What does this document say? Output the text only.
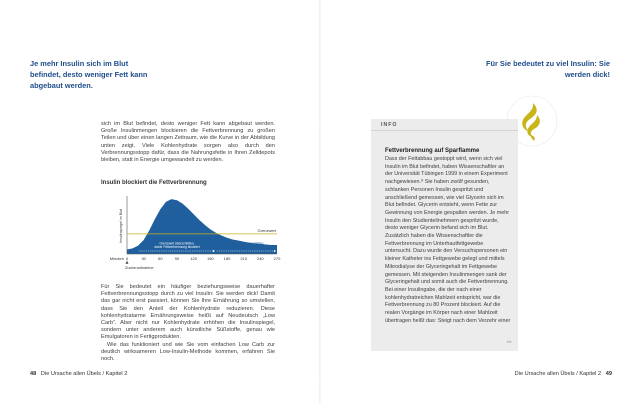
Je mehr Insulin sich im Blut befindet, desto weniger Fett kann abgebaut werden.

sich im Blut befindet, desto weniger Fett kann abgebaut werden. Große Insulinmengen blockieren die Fettverbrennung zu großen Teilen und über einen langen Zeitraum, wie die Kurve in der Abbildung unten zeigt. Viele Kohlenhydrate sorgen also durch den Verbrennungsstopp dafür, dass die Nahrungsfette in Ihren Zelldepots bleiben, statt in Energie umgewandelt zu werden.

Insulin blockiert die Fettverbrennung
Grenzwert
Grenzwert überschritten,
daher Fettverbrennung blockiert
Grenzwert unterschritten,
Fettverbrennung möglich
Minuten 0	30	60	90	120 150 180 210 240 270
Insulinspiegel im Blut
Zuckeraufnahme

Für Sie bedeutet ein häufiger beziehungsweise dauerhafter Fettverbrennungsstopp durch zu viel Insulin: Sie werden dick! Damit das gar nicht erst passiert, können Sie Ihre Ernährung so umstellen, dass Sie den Anteil der Kohlenhydrate reduzieren. Diese kohlenhydratarme Ernährungsweise heißt auf Neudeutsch „Low Carb“. Aber nicht nur Kohlenhydrate erhöhen die Insulinspiegel, sondern unter anderem auch künstliche Süßstoffe, genau wie Emulgatoren in Fertigprodukten.

Wie das funktioniert und wie Sie vom einfachen Low Carb zur deutlich wirksameren Low-Insulin-Methode kommen, erfahren Sie noch.

48 Die Ursache allen Übels / Kapitel 2
Für Sie bedeutet zu viel Insulin: Sie werden dick!
INFO
Fettverbrennung auf Sparflamme
Dass der Fettabbau gestoppt wird, wenn sich viel Insulin im Blut befindet, haben Wissenschaftler an der Universität Tübingen 1999 in einem Experiment nachgewiesen.⁸ Sie haben zwölf gesunden, schlanken Personen Insulin gespritzt und anschließend gemessen, wie viel Glycerin sich im Blut befindet. Glycerin entsteht, wenn Fette zur Gewinnung von Energie gespalten werden. Je mehr Insulin den Studienteilnehmern gespritzt wurde, desto weniger Glycerin befand sich im Blut. Zusätzlich haben die Wissenschaftler die Fettverbrennung im Unterhautfettgewebe untersucht. Dazu wurde den Versuchspersonen ein kleiner Katheter ins Fettgewebe gelegt und mittels Mikrodialyse der Glyceringehalt im Fettgewebe gemessen. Mit steigenden Insulinmengen sank der Glyceringehalt und somit auch die Fettverbrennung. Bei einer Insulingabe, die der nach einer kohlenhydratreichen Mahlzeit entspricht, war die Fettverbrennung zu 80 Prozent blockiert. Auf die realen Vorgänge im Körper nach einer Mahlzeit übertragen heißt das: Steigt nach dem Verzehr einer
▸▸
Die Ursache allen Übels / Kapitel 2 49
